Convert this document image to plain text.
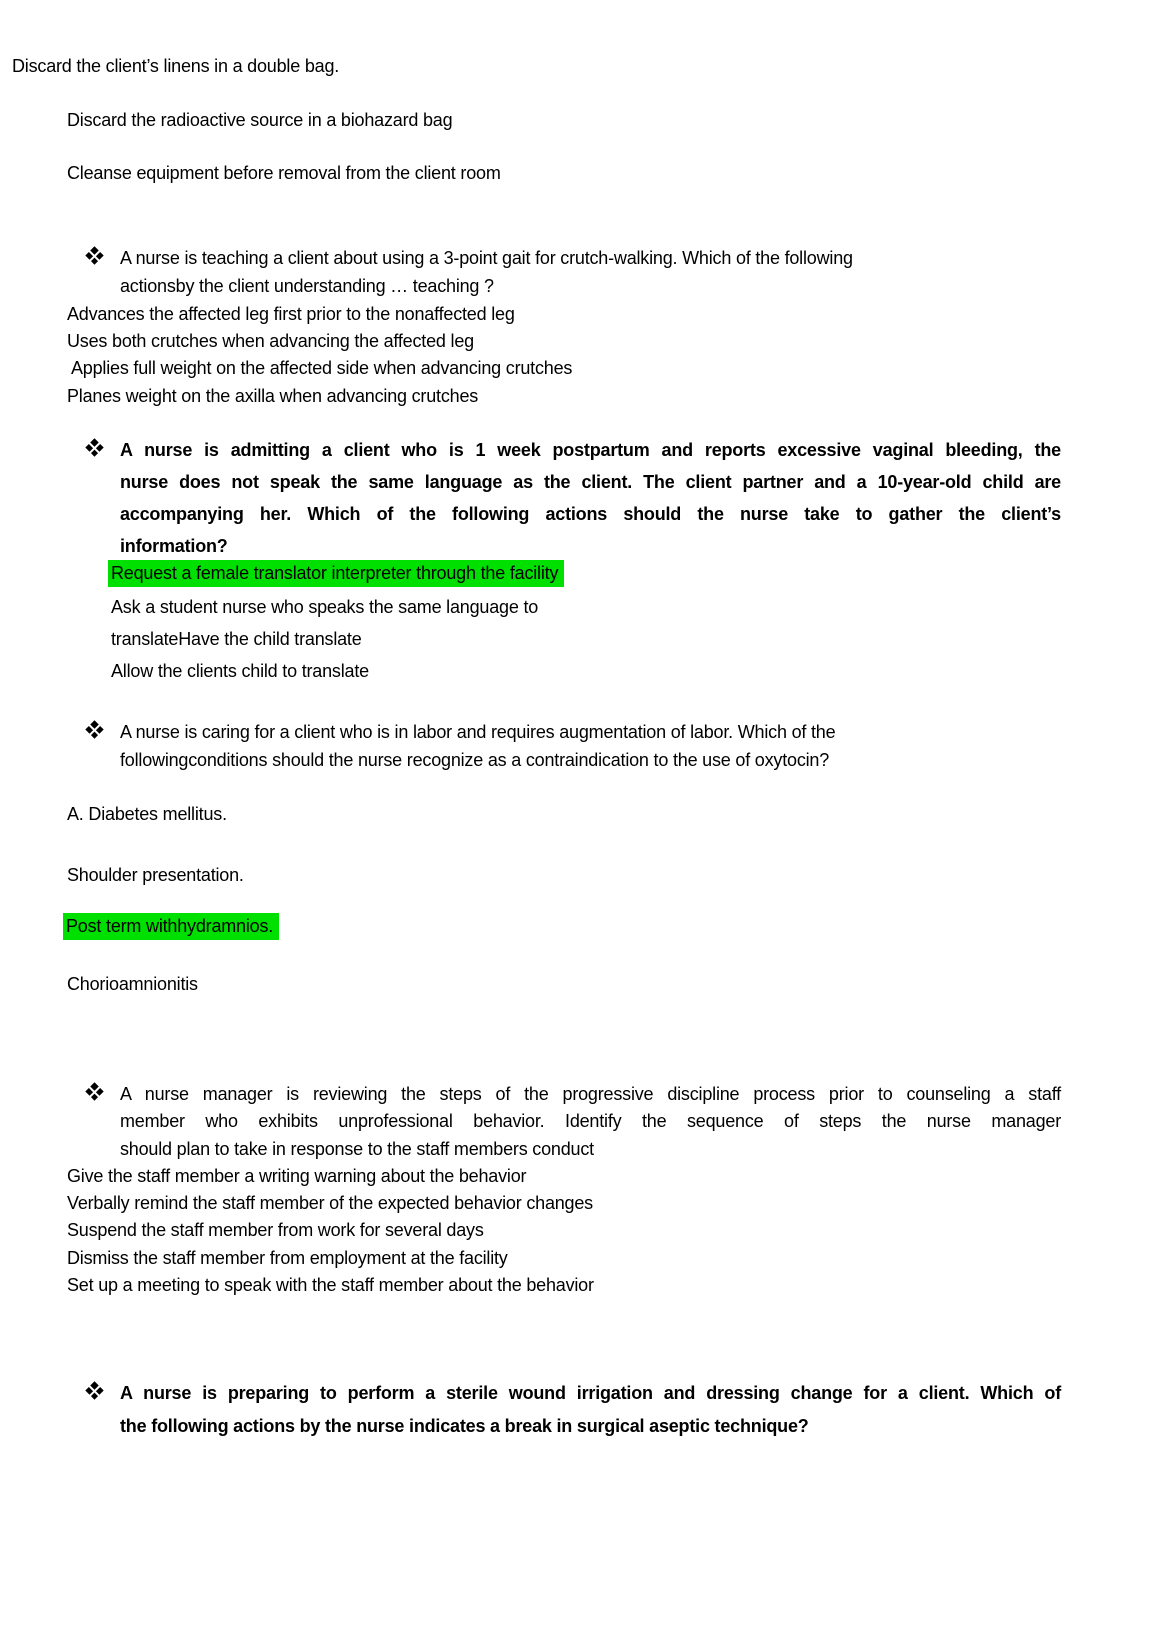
Discard the client’s linens in a double bag.
Discard the radioactive source in a biohazard bag
Cleanse equipment before removal from the client room
A nurse is teaching a client about using a 3-point gait for crutch-walking. Which of the following
actionsby the client understanding … teaching ?
Advances the affected leg first prior to the nonaffected leg
Uses both crutches when advancing the affected leg
Applies full weight on the affected side when advancing crutches
Planes weight on the axilla when advancing crutches
A nurse is admitting a client who is 1 week postpartum and reports excessive vaginal bleeding, the
nurse does not speak the same language as the client. The client partner and a 10-year-old child are
accompanying her. Which of the following actions should the nurse take to gather the client’s
information?
Request a female translator interpreter through the facility
Ask a student nurse who speaks the same language to
translateHave the child translate
Allow the clients child to translate
A nurse is caring for a client who is in labor and requires augmentation of labor. Which of the
followingconditions should the nurse recognize as a contraindication to the use of oxytocin?
A. Diabetes mellitus.
Shoulder presentation.
Post term withhydramnios.
Chorioamnionitis
A nurse manager is reviewing the steps of the progressive discipline process prior to counseling a staff
member who exhibits unprofessional behavior. Identify the sequence of steps the nurse manager
should plan to take in response to the staff members conduct
Give the staff member a writing warning about the behavior
Verbally remind the staff member of the expected behavior changes
Suspend the staff member from work for several days
Dismiss the staff member from employment at the facility
Set up a meeting to speak with the staff member about the behavior
A nurse is preparing to perform a sterile wound irrigation and dressing change for a client. Which of
the following actions by the nurse indicates a break in surgical aseptic technique?
